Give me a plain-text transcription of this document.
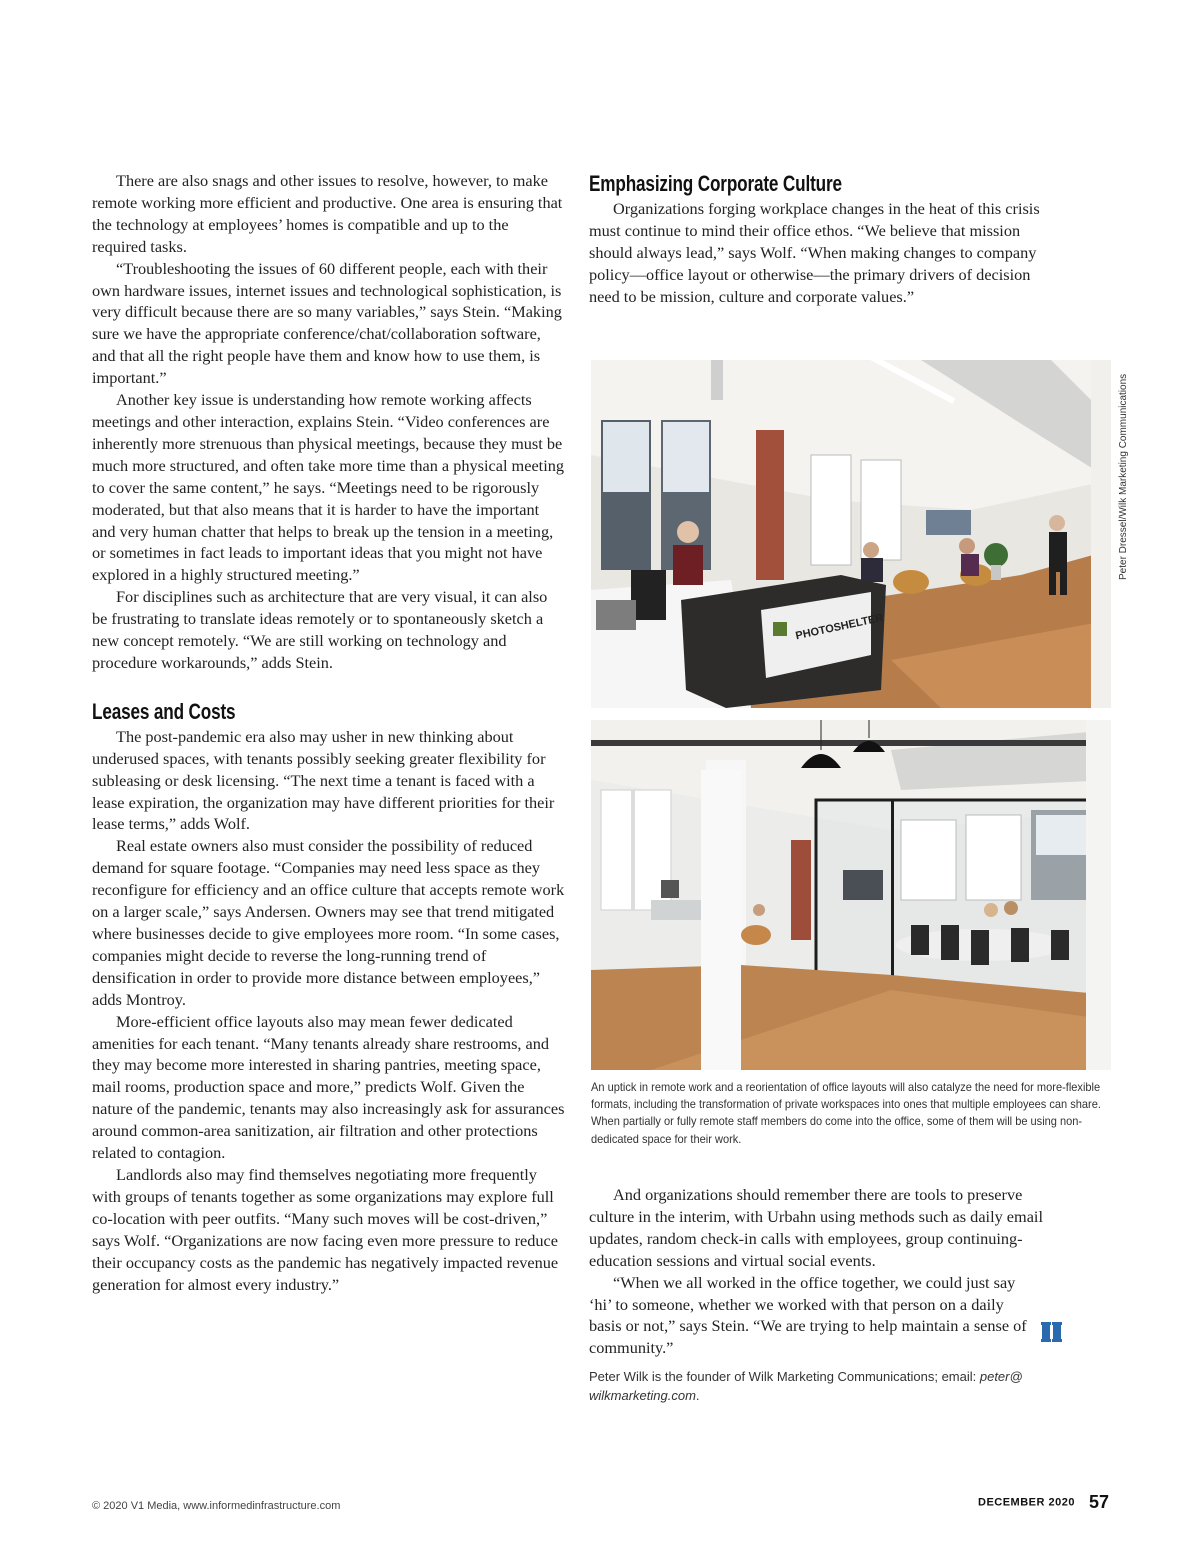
There are also snags and other issues to resolve, however, to make remote working more efficient and productive. One area is ensuring that the technology at employees’ homes is compatible and up to the required tasks.

“Troubleshooting the issues of 60 different people, each with their own hardware issues, internet issues and technological sophistication, is very difficult because there are so many variables,” says Stein. “Making sure we have the appropriate conference/chat/collaboration software, and that all the right people have them and know how to use them, is important.”

Another key issue is understanding how remote working affects meetings and other interaction, explains Stein. “Video conferences are inherently more strenuous than physical meetings, because they must be much more structured, and often take more time than a physical meeting to cover the same content,” he says. “Meetings need to be rigorously moderated, but that also means that it is harder to have the important and very human chatter that helps to break up the tension in a meeting, or sometimes in fact leads to important ideas that you might not have explored in a highly structured meeting.”

For disciplines such as architecture that are very visual, it can also be frustrating to translate ideas remotely or to spontaneously sketch a new concept remotely. “We are still working on technology and procedure workarounds,” adds Stein.

Leases and Costs

The post-pandemic era also may usher in new thinking about underused spaces, with tenants possibly seeking greater flexibility for subleasing or desk licensing. “The next time a tenant is faced with a lease expiration, the organization may have different priorities for their lease terms,” adds Wolf.

Real estate owners also must consider the possibility of reduced demand for square footage. “Companies may need less space as they reconfigure for efficiency and an office culture that accepts remote work on a larger scale,” says Andersen. Owners may see that trend mitigated where businesses decide to give employees more room. “In some cases, companies might decide to reverse the long-running trend of densification in order to provide more distance between employees,” adds Montroy.

More-efficient office layouts also may mean fewer dedicated amenities for each tenant. “Many tenants already share restrooms, and they may become more interested in sharing pantries, meeting space, mail rooms, production space and more,” predicts Wolf. Given the nature of the pandemic, tenants may also increasingly ask for assurances around common-area sanitization, air filtration and other protections related to contagion.

Landlords also may find themselves negotiating more frequently with groups of tenants together as some organizations may explore full co-location with peer outfits. “Many such moves will be cost-driven,” says Wolf. “Organizations are now facing even more pressure to reduce their occupancy costs as the pandemic has negatively impacted revenue generation for almost every industry.”

Emphasizing Corporate Culture

Organizations forging workplace changes in the heat of this crisis must continue to mind their office ethos. “We believe that mission should always lead,” says Wolf. “When making changes to company policy—office layout or otherwise—the primary drivers of decision need to be mission, culture and corporate values.”

PHOTOSHELTER
Peter Dressel/Wilk Marketing Communications
An uptick in remote work and a reorientation of office layouts will also catalyze the need for more-flexible formats, including the transformation of private workspaces into ones that multiple employees can share. When partially or fully remote staff members do come into the office, some of them will be using non-dedicated space for their work.

And organizations should remember there are tools to preserve culture in the interim, with Urbahn using methods such as daily email updates, random check-in calls with employees, group continuing-education sessions and virtual social events.

“When we all worked in the office together, we could just say ‘hi’ to someone, whether we worked with that person on a daily basis or not,” says Stein. “We are trying to help maintain a sense of community.”

Peter Wilk is the founder of Wilk Marketing Communications; email: peter@ wilkmarketing.com.
© 2020 V1 Media, www.informedinfrastructure.com	DECEMBER 2020 57
